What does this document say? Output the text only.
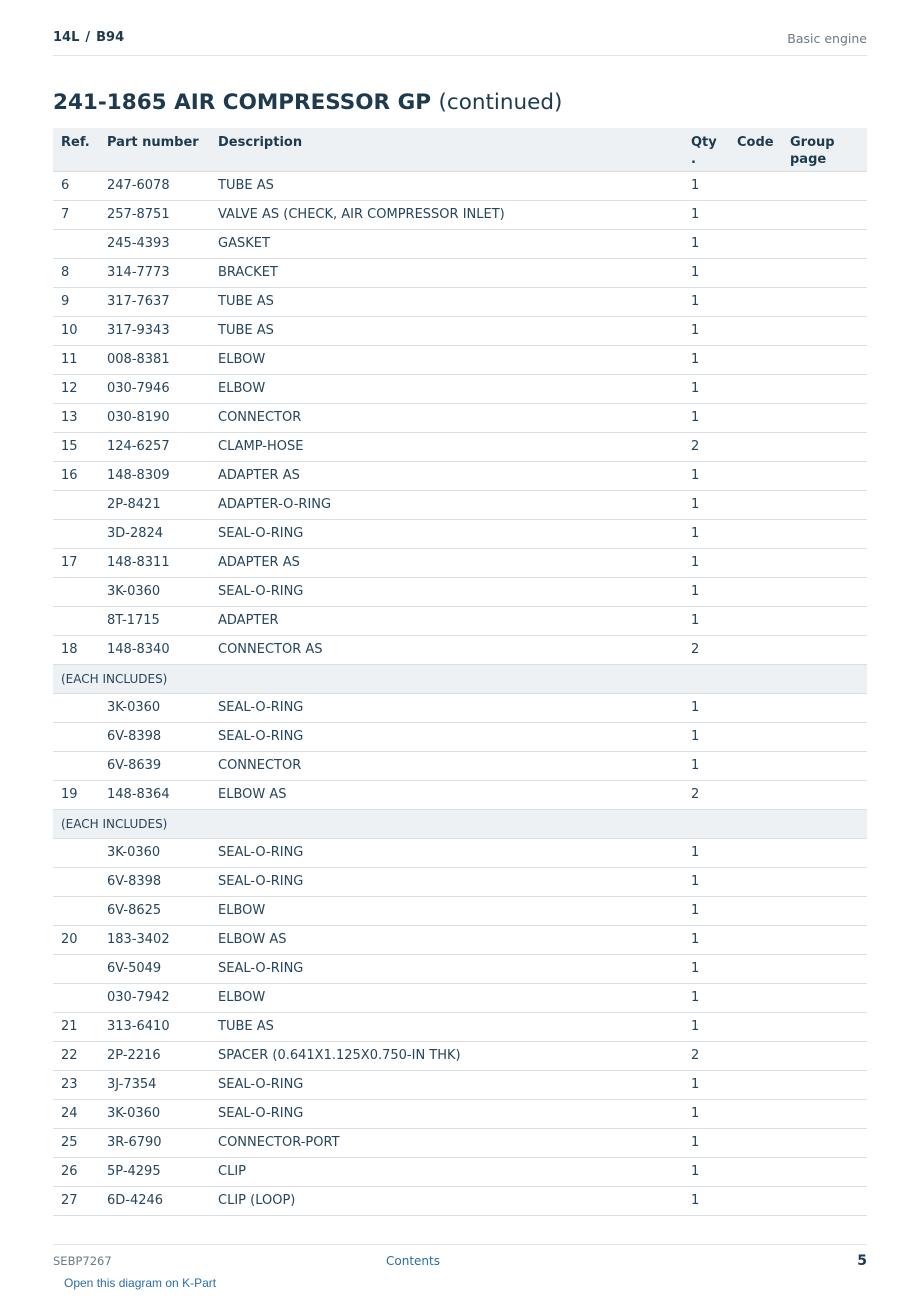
14L / B94	Basic engine
241-1865 AIR COMPRESSOR GP (continued)
Ref.	Part number	Description	Qty .	Code	Group page
6	247-6078	TUBE AS	1		
7	257-8751	VALVE AS (CHECK, AIR COMPRESSOR INLET)	1		
	245-4393	GASKET	1		
8	314-7773	BRACKET	1		
9	317-7637	TUBE AS	1		
10	317-9343	TUBE AS	1		
11	008-8381	ELBOW	1		
12	030-7946	ELBOW	1		
13	030-8190	CONNECTOR	1		
15	124-6257	CLAMP-HOSE	2		
16	148-8309	ADAPTER AS	1		
	2P-8421	ADAPTER-O-RING	1		
	3D-2824	SEAL-O-RING	1		
17	148-8311	ADAPTER AS	1		
	3K-0360	SEAL-O-RING	1		
	8T-1715	ADAPTER	1		
18	148-8340	CONNECTOR AS	2		
(EACH INCLUDES)					
	3K-0360	SEAL-O-RING	1		
	6V-8398	SEAL-O-RING	1		
	6V-8639	CONNECTOR	1		
19	148-8364	ELBOW AS	2		
(EACH INCLUDES)					
	3K-0360	SEAL-O-RING	1		
	6V-8398	SEAL-O-RING	1		
	6V-8625	ELBOW	1		
20	183-3402	ELBOW AS	1		
	6V-5049	SEAL-O-RING	1		
	030-7942	ELBOW	1		
21	313-6410	TUBE AS	1		
22	2P-2216	SPACER (0.641X1.125X0.750-IN THK)	2		
23	3J-7354	SEAL-O-RING	1		
24	3K-0360	SEAL-O-RING	1		
25	3R-6790	CONNECTOR-PORT	1		
26	5P-4295	CLIP	1		
27	6D-4246	CLIP (LOOP)	1		
SEBP7267	Contents	5
Open this diagram on K-Part
